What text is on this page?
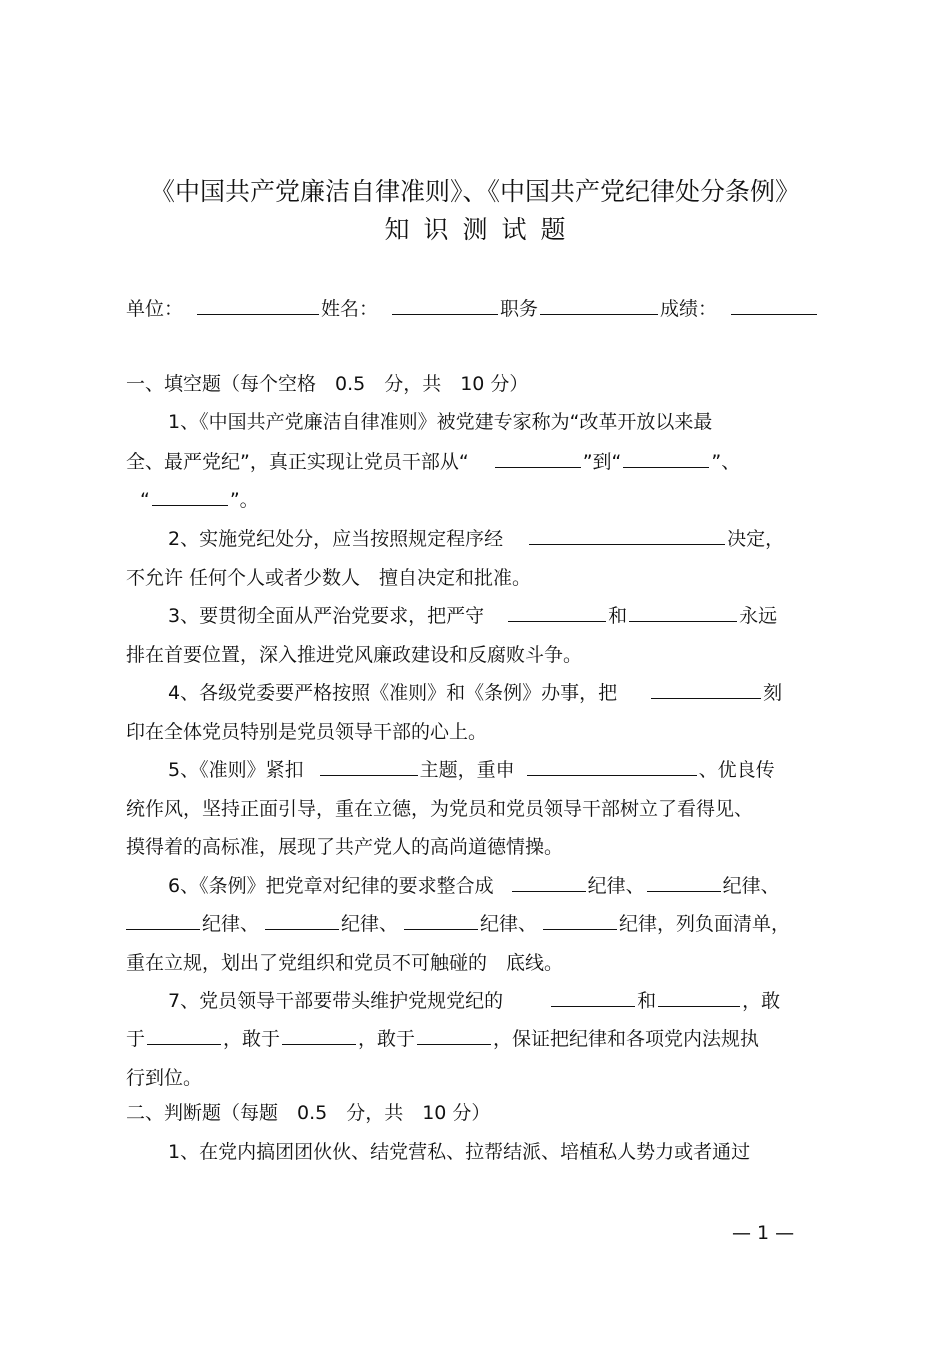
《中国共产党廉洁自律准则》、《中国共产党纪律处分条例》
知识测试题
单位：	姓名：	职务	成绩：
一、填空题（每个空格　0.5　分，共　10 分）
1、《中国共产党廉洁自律准则》被党建专家称为“改革开放以来最
全、最严党纪”，真正实现让党员干部从“	”到“	”、
“	”。
2、实施党纪处分，应当按照规定程序经	决定，
不允许 任何个人或者少数人　擅自决定和批准。
3、要贯彻全面从严治党要求，把严守	和	永远
排在首要位置，深入推进党风廉政建设和反腐败斗争。
4、各级党委要严格按照《准则》和《条例》办事，把	刻
印在全体党员特别是党员领导干部的心上。
5、《准则》紧扣	主题，重申	、优良传
统作风，坚持正面引导，重在立德，为党员和党员领导干部树立了看得见、
摸得着的高标准，展现了共产党人的高尚道德情操。
6、《条例》把党章对纪律的要求整合成	纪律、	纪律、
纪律、	纪律、	纪律、	纪律，列负面清单，
重在立规，划出了党组织和党员不可触碰的　底线。
7、党员领导干部要带头维护党规党纪的	和	，敢
于	，敢于	，敢于	，保证把纪律和各项党内法规执
行到位。
二、判断题（每题　0.5　分，共　10 分）
1、在党内搞团团伙伙、结党营私、拉帮结派、培植私人势力或者通过
— 1 —
